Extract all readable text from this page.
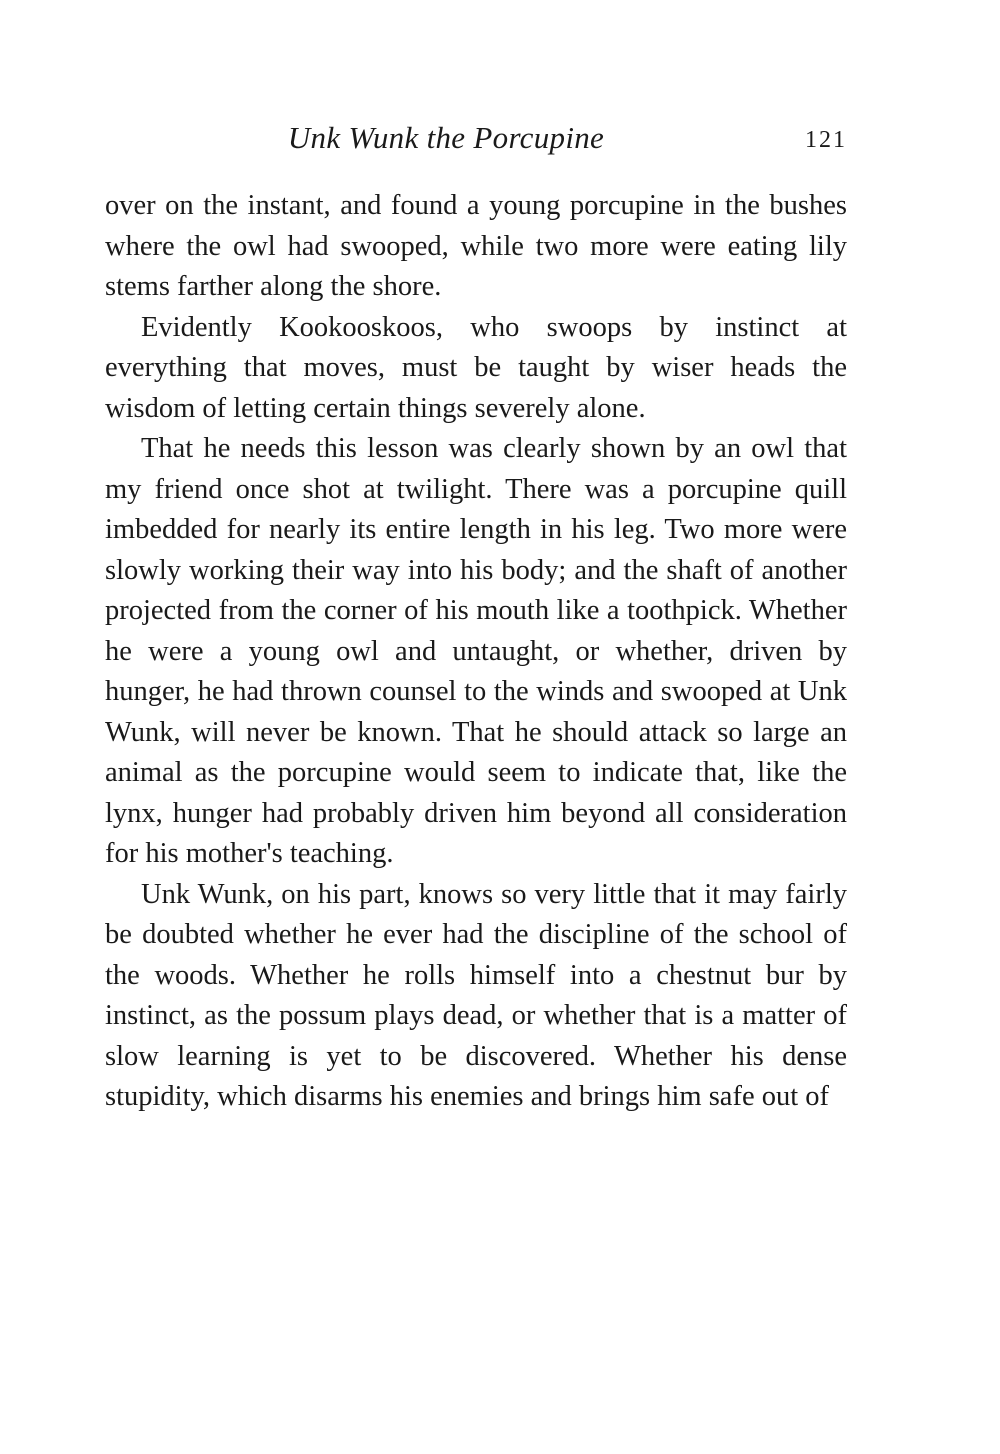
Unk Wunk the Porcupine	121

over on the instant, and found a young porcupine in the bushes where the owl had swooped, while two more were eating lily stems farther along the shore.

Evidently Kookooskoos, who swoops by instinct at everything that moves, must be taught by wiser heads the wisdom of letting certain things severely alone.

That he needs this lesson was clearly shown by an owl that my friend once shot at twilight. There was a porcupine quill imbedded for nearly its entire length in his leg. Two more were slowly working their way into his body; and the shaft of another projected from the corner of his mouth like a toothpick. Whether he were a young owl and untaught, or whether, driven by hunger, he had thrown counsel to the winds and swooped at Unk Wunk, will never be known. That he should attack so large an animal as the porcupine would seem to indicate that, like the lynx, hunger had probably driven him beyond all consideration for his mother's teaching.

Unk Wunk, on his part, knows so very little that it may fairly be doubted whether he ever had the discipline of the school of the woods. Whether he rolls himself into a chestnut bur by instinct, as the possum plays dead, or whether that is a matter of slow learning is yet to be discovered. Whether his dense stupidity, which disarms his enemies and brings him safe out of
